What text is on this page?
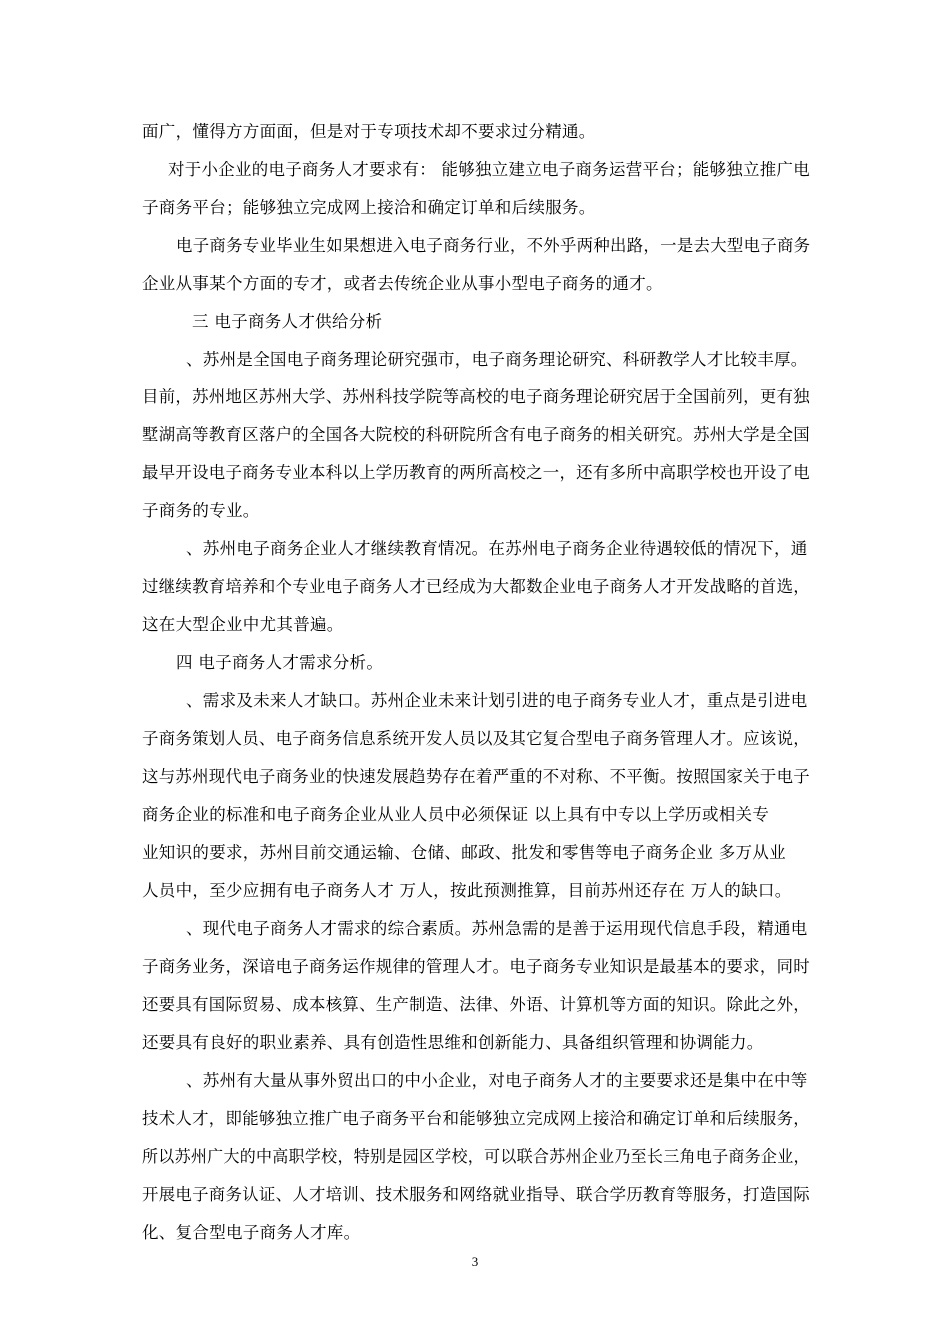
面广，懂得方方面面，但是对于专项技术却不要求过分精通。
对于小企业的电子商务人才要求有： 能够独立建立电子商务运营平台；能够独立推广电
子商务平台；能够独立完成网上接洽和确定订单和后续服务。
电子商务专业毕业生如果想进入电子商务行业，不外乎两种出路，一是去大型电子商务
企业从事某个方面的专才，或者去传统企业从事小型电子商务的通才。
三 电子商务人才供给分析
、苏州是全国电子商务理论研究强市，电子商务理论研究、科研教学人才比较丰厚。
目前，苏州地区苏州大学、苏州科技学院等高校的电子商务理论研究居于全国前列，更有独
墅湖高等教育区落户的全国各大院校的科研院所含有电子商务的相关研究。苏州大学是全国
最早开设电子商务专业本科以上学历教育的两所高校之一，还有多所中高职学校也开设了电
子商务的专业。
、苏州电子商务企业人才继续教育情况。在苏州电子商务企业待遇较低的情况下，通
过继续教育培养和个专业电子商务人才已经成为大都数企业电子商务人才开发战略的首选，
这在大型企业中尤其普遍。
四 电子商务人才需求分析。
、需求及未来人才缺口。苏州企业未来计划引进的电子商务专业人才，重点是引进电
子商务策划人员、电子商务信息系统开发人员以及其它复合型电子商务管理人才。应该说，
这与苏州现代电子商务业的快速发展趋势存在着严重的不对称、不平衡。按照国家关于电子
商务企业的标准和电子商务企业从业人员中必须保证 以上具有中专以上学历或相关专
业知识的要求，苏州目前交通运输、仓储、邮政、批发和零售等电子商务企业 多万从业
人员中，至少应拥有电子商务人才 万人，按此预测推算，目前苏州还存在 万人的缺口。
、现代电子商务人才需求的综合素质。苏州急需的是善于运用现代信息手段，精通电
子商务业务，深谙电子商务运作规律的管理人才。电子商务专业知识是最基本的要求，同时
还要具有国际贸易、成本核算、生产制造、法律、外语、计算机等方面的知识。除此之外，
还要具有良好的职业素养、具有创造性思维和创新能力、具备组织管理和协调能力。
、苏州有大量从事外贸出口的中小企业，对电子商务人才的主要要求还是集中在中等
技术人才，即能够独立推广电子商务平台和能够独立完成网上接洽和确定订单和后续服务，
所以苏州广大的中高职学校，特别是园区学校，可以联合苏州企业乃至长三角电子商务企业，
开展电子商务认证、人才培训、技术服务和网络就业指导、联合学历教育等服务，打造国际
化、复合型电子商务人才库。
3
